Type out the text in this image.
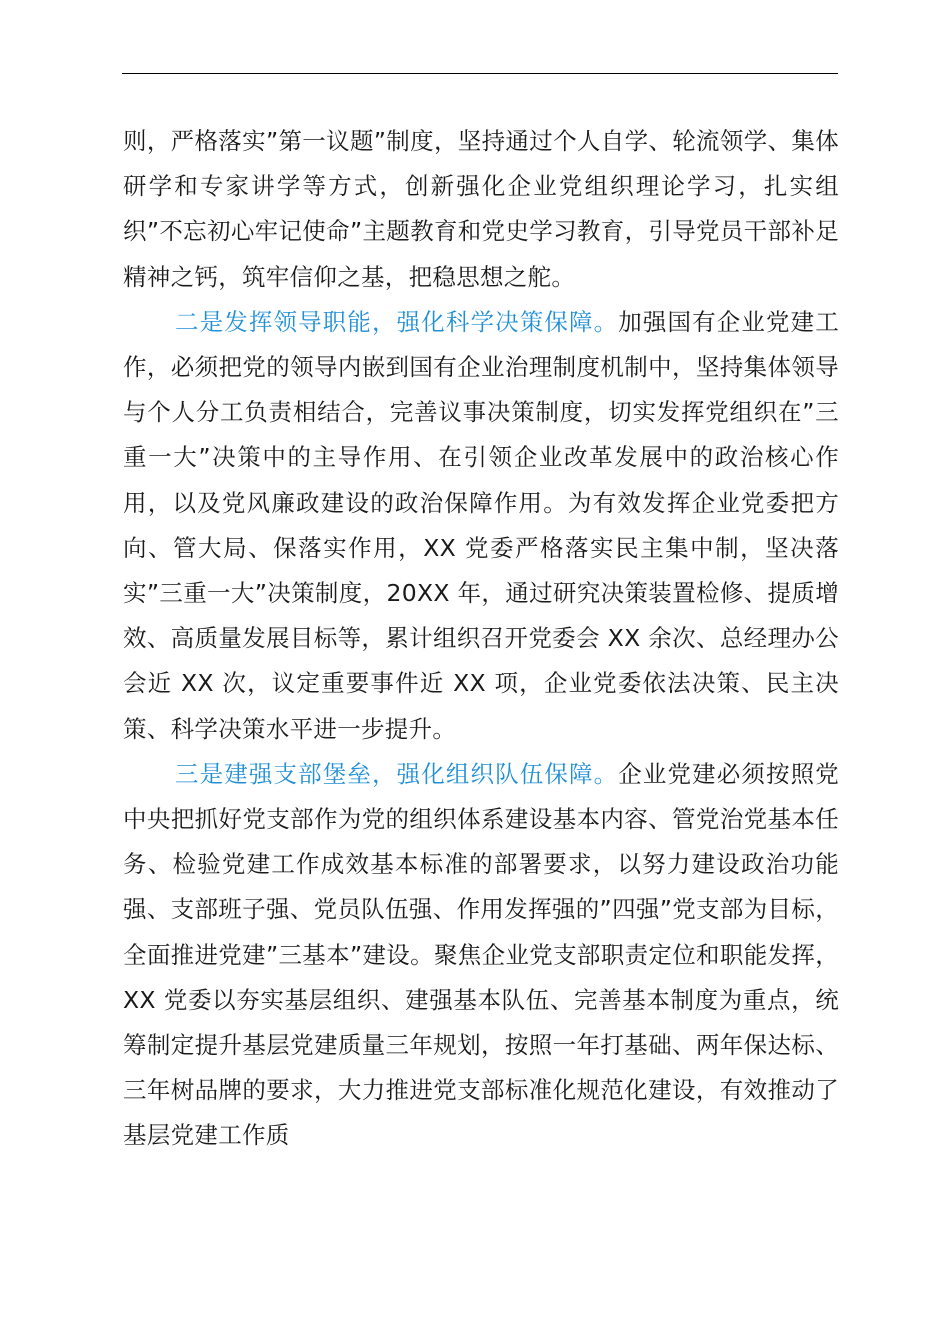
则，严格落实”第一议题”制度，坚持通过个人自学、轮流领学、集体研学和专家讲学等方式，创新强化企业党组织理论学习，扎实组织”不忘初心牢记使命”主题教育和党史学习教育，引导党员干部补足精神之钙，筑牢信仰之基，把稳思想之舵。

二是发挥领导职能，强化科学决策保障。加强国有企业党建工作，必须把党的领导内嵌到国有企业治理制度机制中，坚持集体领导与个人分工负责相结合，完善议事决策制度，切实发挥党组织在”三重一大”决策中的主导作用、在引领企业改革发展中的政治核心作用，以及党风廉政建设的政治保障作用。为有效发挥企业党委把方向、管大局、保落实作用，XX 党委严格落实民主集中制，坚决落实”三重一大”决策制度，20XX 年，通过研究决策装置检修、提质增效、高质量发展目标等，累计组织召开党委会 XX 余次、总经理办公会近 XX 次，议定重要事件近 XX 项，企业党委依法决策、民主决策、科学决策水平进一步提升。

三是建强支部堡垒，强化组织队伍保障。企业党建必须按照党中央把抓好党支部作为党的组织体系建设基本内容、管党治党基本任务、检验党建工作成效基本标准的部署要求，以努力建设政治功能强、支部班子强、党员队伍强、作用发挥强的”四强”党支部为目标，全面推进党建”三基本”建设。聚焦企业党支部职责定位和职能发挥，XX 党委以夯实基层组织、建强基本队伍、完善基本制度为重点，统筹制定提升基层党建质量三年规划，按照一年打基础、两年保达标、三年树品牌的要求，大力推进党支部标准化规范化建设，有效推动了基层党建工作质
